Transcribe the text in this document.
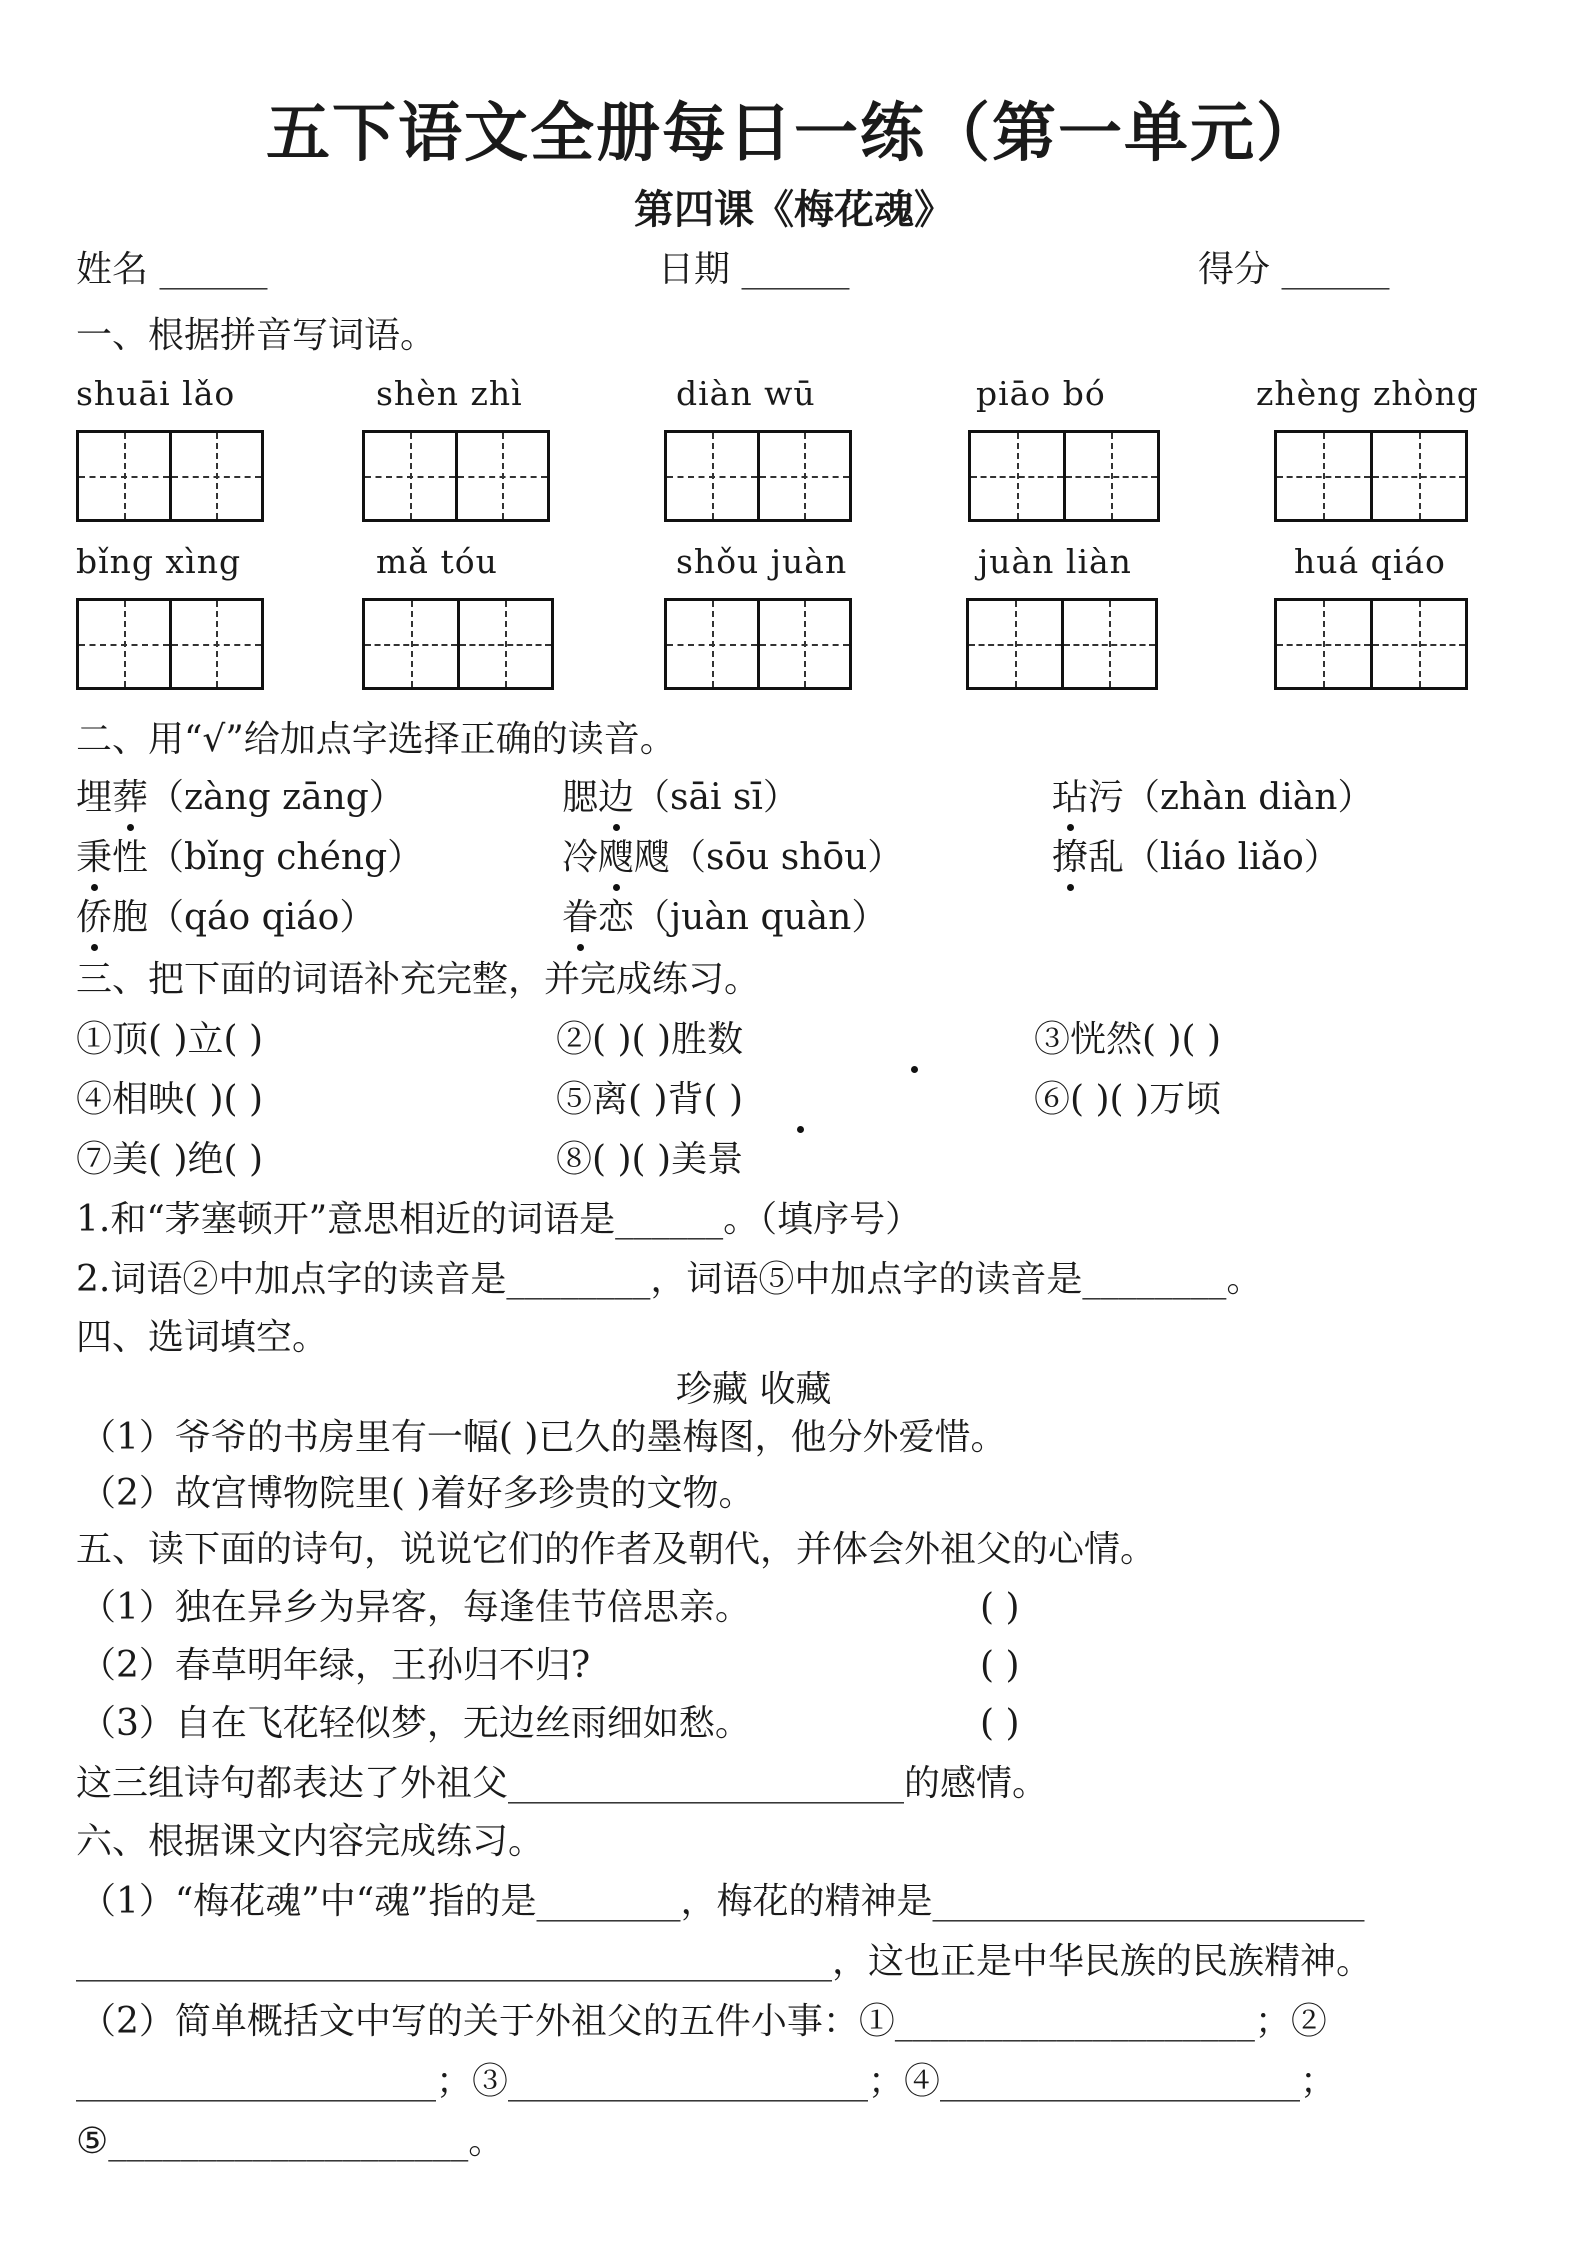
五下语文全册每日一练（第一单元）
第四课《梅花魂》
姓名 ______	日期 ______	得分 ______
一、根据拼音写词语。
shuāi lǎo	shèn zhì	diàn wū	piāo bó	zhèng zhòng
bǐng xìng	mǎ tóu	shǒu juàn	juàn liàn	huá qiáo
二、用“√”给加点字选择正确的读音。
埋葬（zàng zāng）	腮边（sāi sī）	玷污（zhàn diàn）
秉性（bǐng chéng）	冷飕飕（sōu shōu）	撩乱（liáo liǎo）
侨胞（qáo qiáo）	眷恋（juàn quàn）
三、把下面的词语补充完整，并完成练习。
①顶( )立( )	②( )( )胜数	③恍然( )( )
④相映( )( )	⑤离( )背( )	⑥( )( )万顷
⑦美( )绝( )	⑧( )( )美景
1.和“茅塞顿开”意思相近的词语是______。（填序号）
2.词语②中加点字的读音是________，词语⑤中加点字的读音是________。
四、选词填空。
珍藏 收藏
（1）爷爷的书房里有一幅( )已久的墨梅图，他分外爱惜。
（2）故宫博物院里( )着好多珍贵的文物。
五、读下面的诗句，说说它们的作者及朝代，并体会外祖父的心情。
（1）独在异乡为异客，每逢佳节倍思亲。	( )
（2）春草明年绿，王孙归不归?	( )
（3）自在飞花轻似梦，无边丝雨细如愁。	( )
这三组诗句都表达了外祖父______________________的感情。
六、根据课文内容完成练习。
（1）“梅花魂”中“魂”指的是________，梅花的精神是________________________
__________________________________________，这也正是中华民族的民族精神。
（2）简单概括文中写的关于外祖父的五件小事：①____________________；②
____________________；③____________________；④____________________；
⑤____________________。
